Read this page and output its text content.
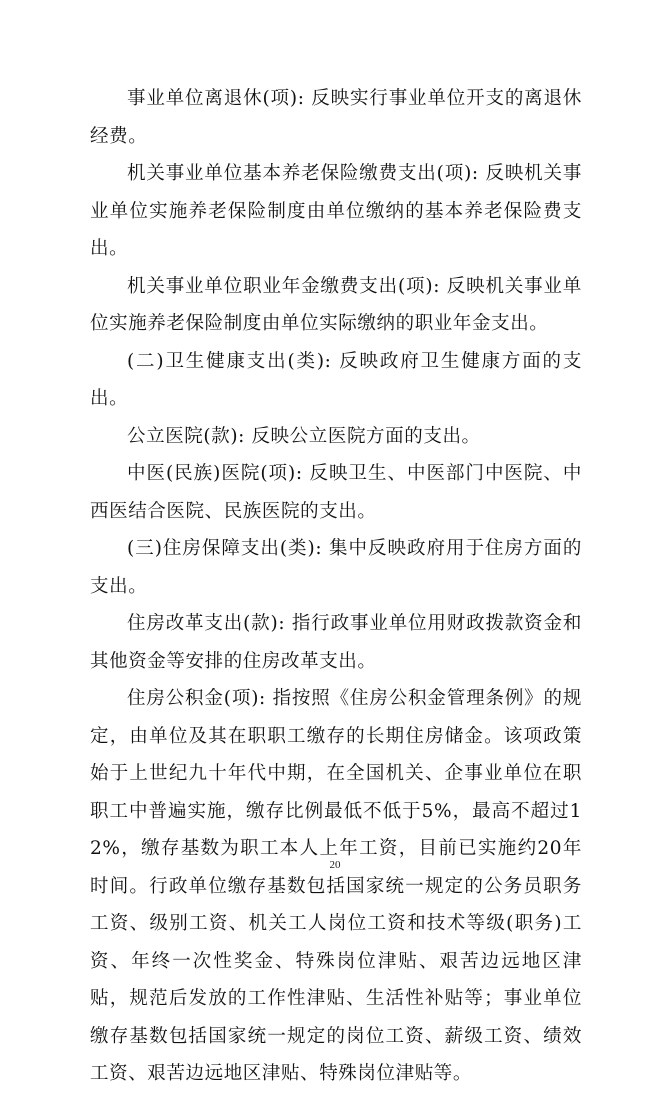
事业单位离退休(项): 反映实行事业单位开支的离退休经费。

机关事业单位基本养老保险缴费支出(项): 反映机关事业单位实施养老保险制度由单位缴纳的基本养老保险费支出。

机关事业单位职业年金缴费支出(项): 反映机关事业单位实施养老保险制度由单位实际缴纳的职业年金支出。

(二)卫生健康支出(类): 反映政府卫生健康方面的支出。

公立医院(款): 反映公立医院方面的支出。

中医(民族)医院(项): 反映卫生、中医部门中医院、中西医结合医院、民族医院的支出。

(三)住房保障支出(类): 集中反映政府用于住房方面的支出。

住房改革支出(款): 指行政事业单位用财政拨款资金和其他资金等安排的住房改革支出。

住房公积金(项): 指按照《住房公积金管理条例》的规定，由单位及其在职职工缴存的长期住房储金。该项政策始于上世纪九十年代中期，在全国机关、企事业单位在职职工中普遍实施，缴存比例最低不低于5%，最高不超过12%，缴存基数为职工本人上年工资，目前已实施约20年时间。行政单位缴存基数包括国家统一规定的公务员职务工资、级别工资、机关工人岗位工资和技术等级(职务)工资、年终一次性奖金、特殊岗位津贴、艰苦边远地区津贴，规范后发放的工作性津贴、生活性补贴等；事业单位缴存基数包括国家统一规定的岗位工资、薪级工资、绩效工资、艰苦边远地区津贴、特殊岗位津贴等。

20
